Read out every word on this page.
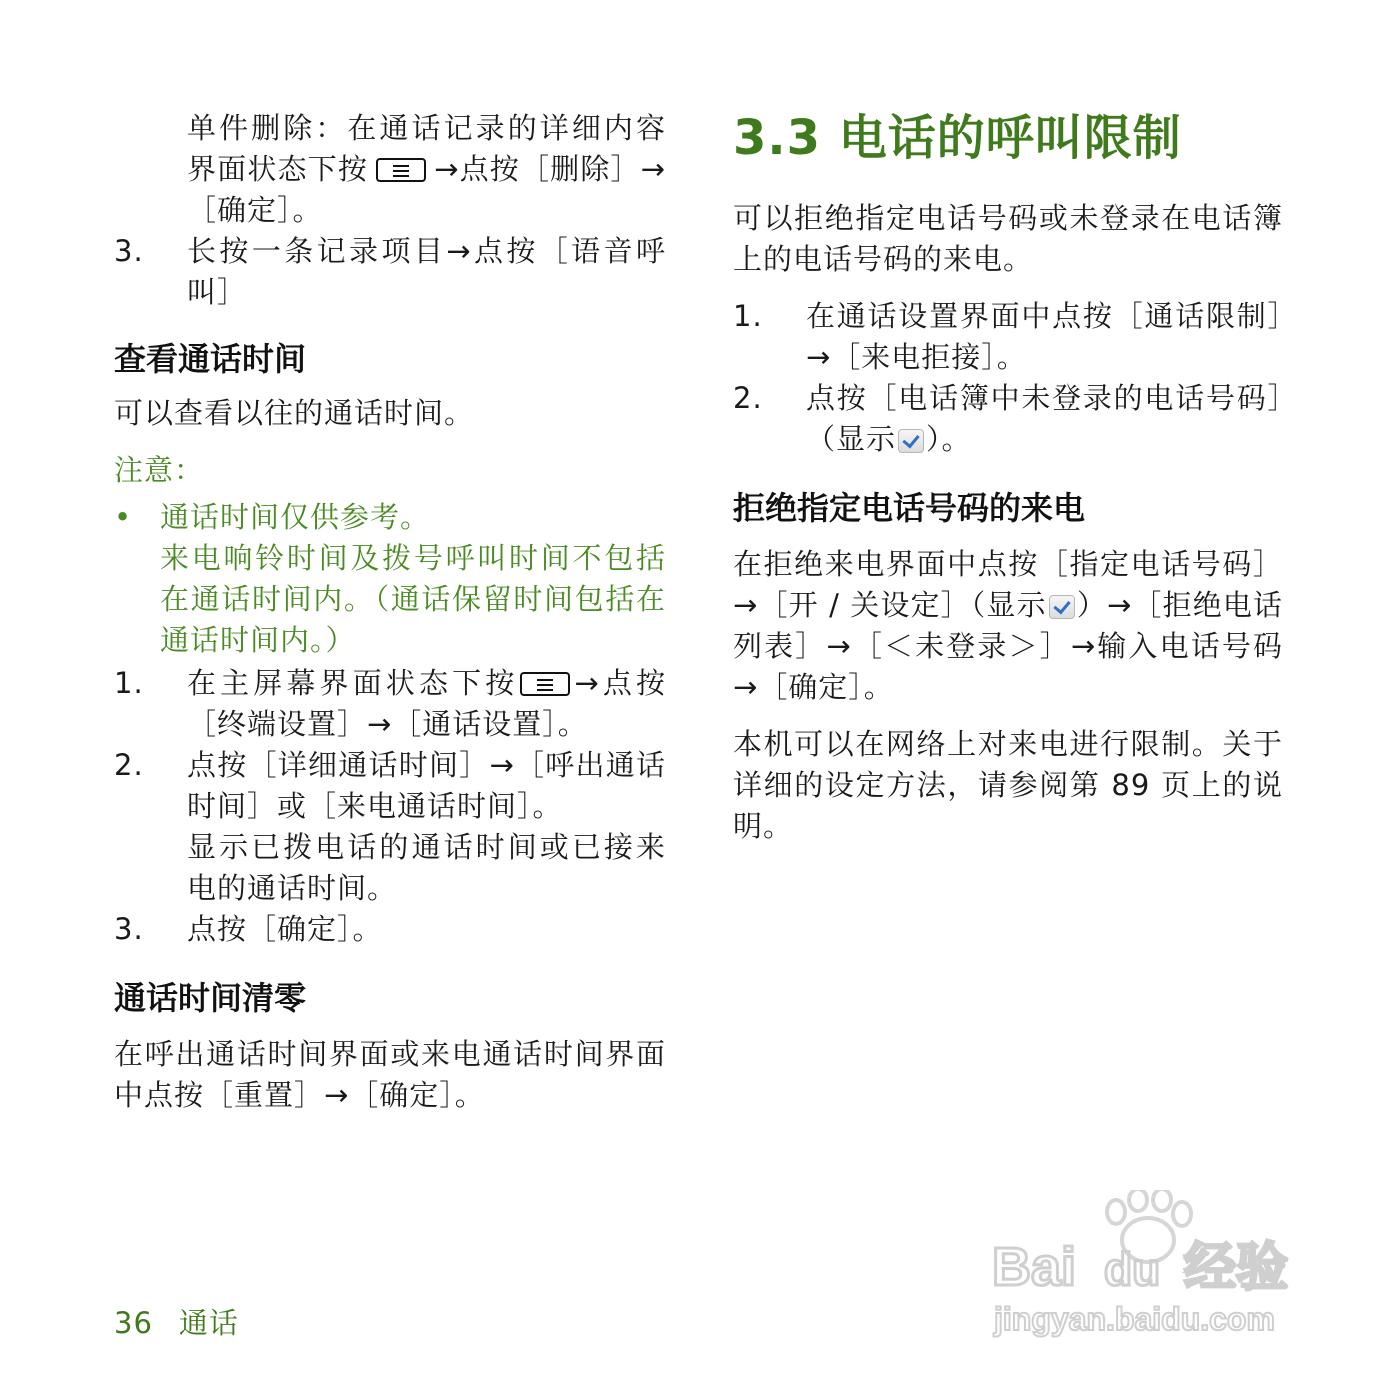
单件删除：在通话记录的详细内容界面状态下按 →点按［删除］→［确定］。
3. 长按一条记录项目→点按［语音呼叫］
查看通话时间

可以查看以往的通话时间。

注意：

• 通话时间仅供参考。
来电响铃时间及拨号呼叫时间不包括在通话时间内。（通话保留时间包括在通话时间内。）
1. 在主屏幕界面状态下按 →点按［终端设置］→［通话设置］。
2. 点按［详细通话时间］→［呼出通话时间］或［来电通话时间］。
显示已拨电话的通话时间或已接来电的通话时间。
3. 点按［确定］。
通话时间清零

在呼出通话时间界面或来电通话时间界面中点按［重置］→［确定］。

3.3 电话的呼叫限制

可以拒绝指定电话号码或未登录在电话簿上的电话号码的来电。

1. 在通话设置界面中点按［通话限制］→［来电拒接］。
2. 点按［电话簿中未登录的电话号码］（显示 ）。
拒绝指定电话号码的来电

在拒绝来电界面中点按［指定电话号码］→［开 / 关设定］（显示 ）→［拒绝电话列表］→［＜未登录＞］→输入电话号码→［确定］。

本机可以在网络上对来电进行限制。关于详细的设定方法，请参阅第 89 页上的说明。

36 通话
Bai du 经验
jingyan.baidu.com
